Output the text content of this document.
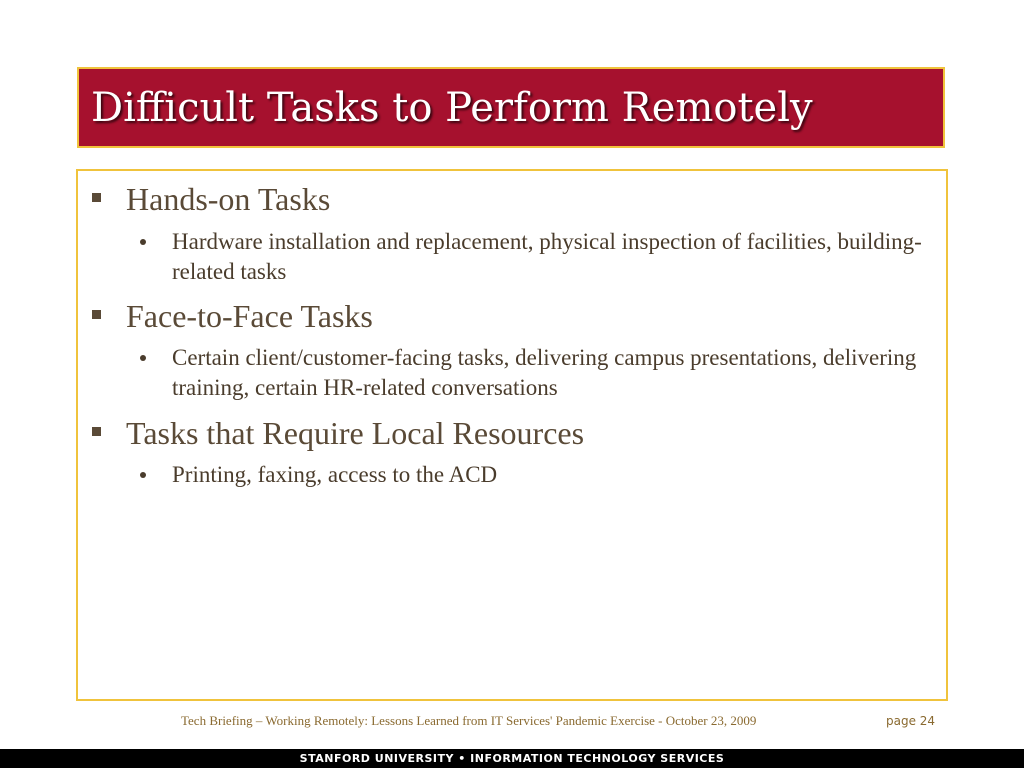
Difficult Tasks to Perform Remotely
Hands-on Tasks
Hardware installation and replacement, physical inspection of facilities, building-related tasks
Face-to-Face Tasks
Certain client/customer-facing tasks, delivering campus presentations, delivering training, certain HR-related conversations
Tasks that Require Local Resources
Printing, faxing, access to the ACD
Tech Briefing – Working Remotely: Lessons Learned from IT Services' Pandemic Exercise - October 23, 2009	page 24
STANFORD UNIVERSITY • INFORMATION TECHNOLOGY SERVICES
